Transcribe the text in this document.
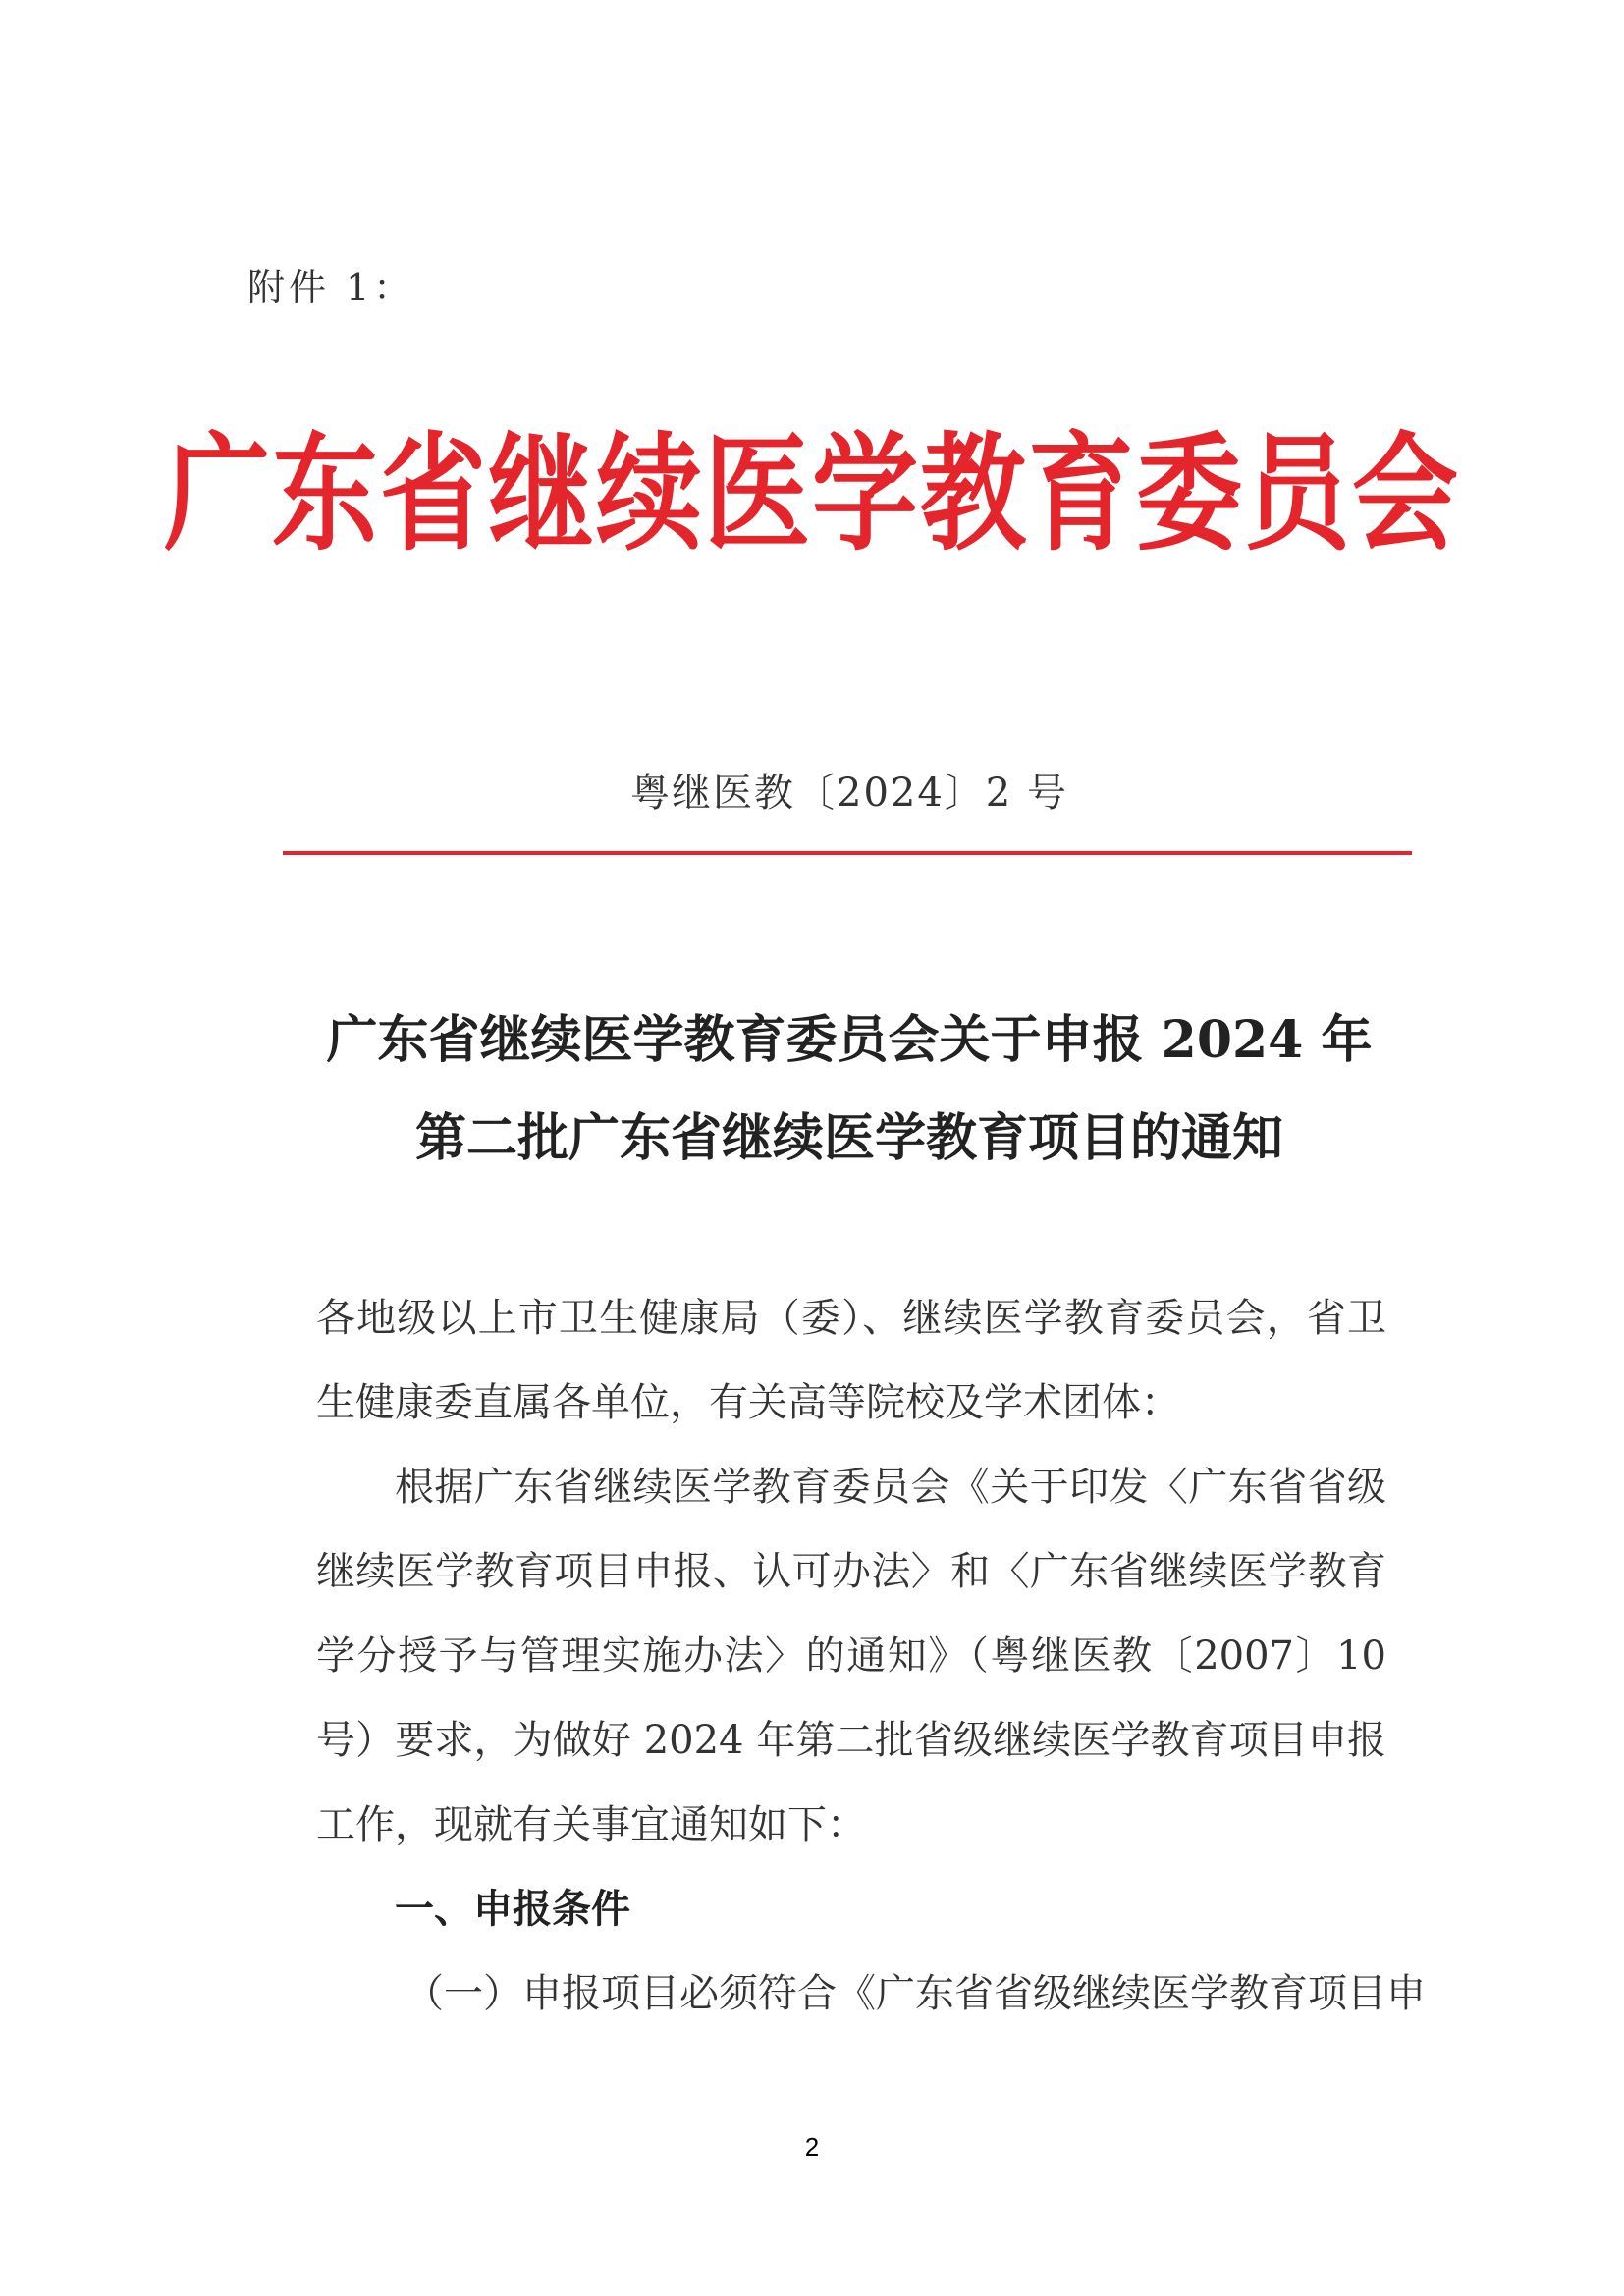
附件 1：
广东省继续医学教育委员会
粤继医教〔2024〕2 号
广东省继续医学教育委员会关于申报 2024 年
第二批广东省继续医学教育项目的通知

各地级以上市卫生健康局（委）、继续医学教育委员会，省卫生健康委直属各单位，有关高等院校及学术团体：

根据广东省继续医学教育委员会《关于印发〈广东省省级继续医学教育项目申报、认可办法〉和〈广东省继续医学教育学分授予与管理实施办法〉的通知》（粤继医教〔2007〕10 号）要求，为做好 2024 年第二批省级继续医学教育项目申报工作，现就有关事宜通知如下：

一、申报条件

（一）申报项目必须符合《广东省省级继续医学教育项目申

2
